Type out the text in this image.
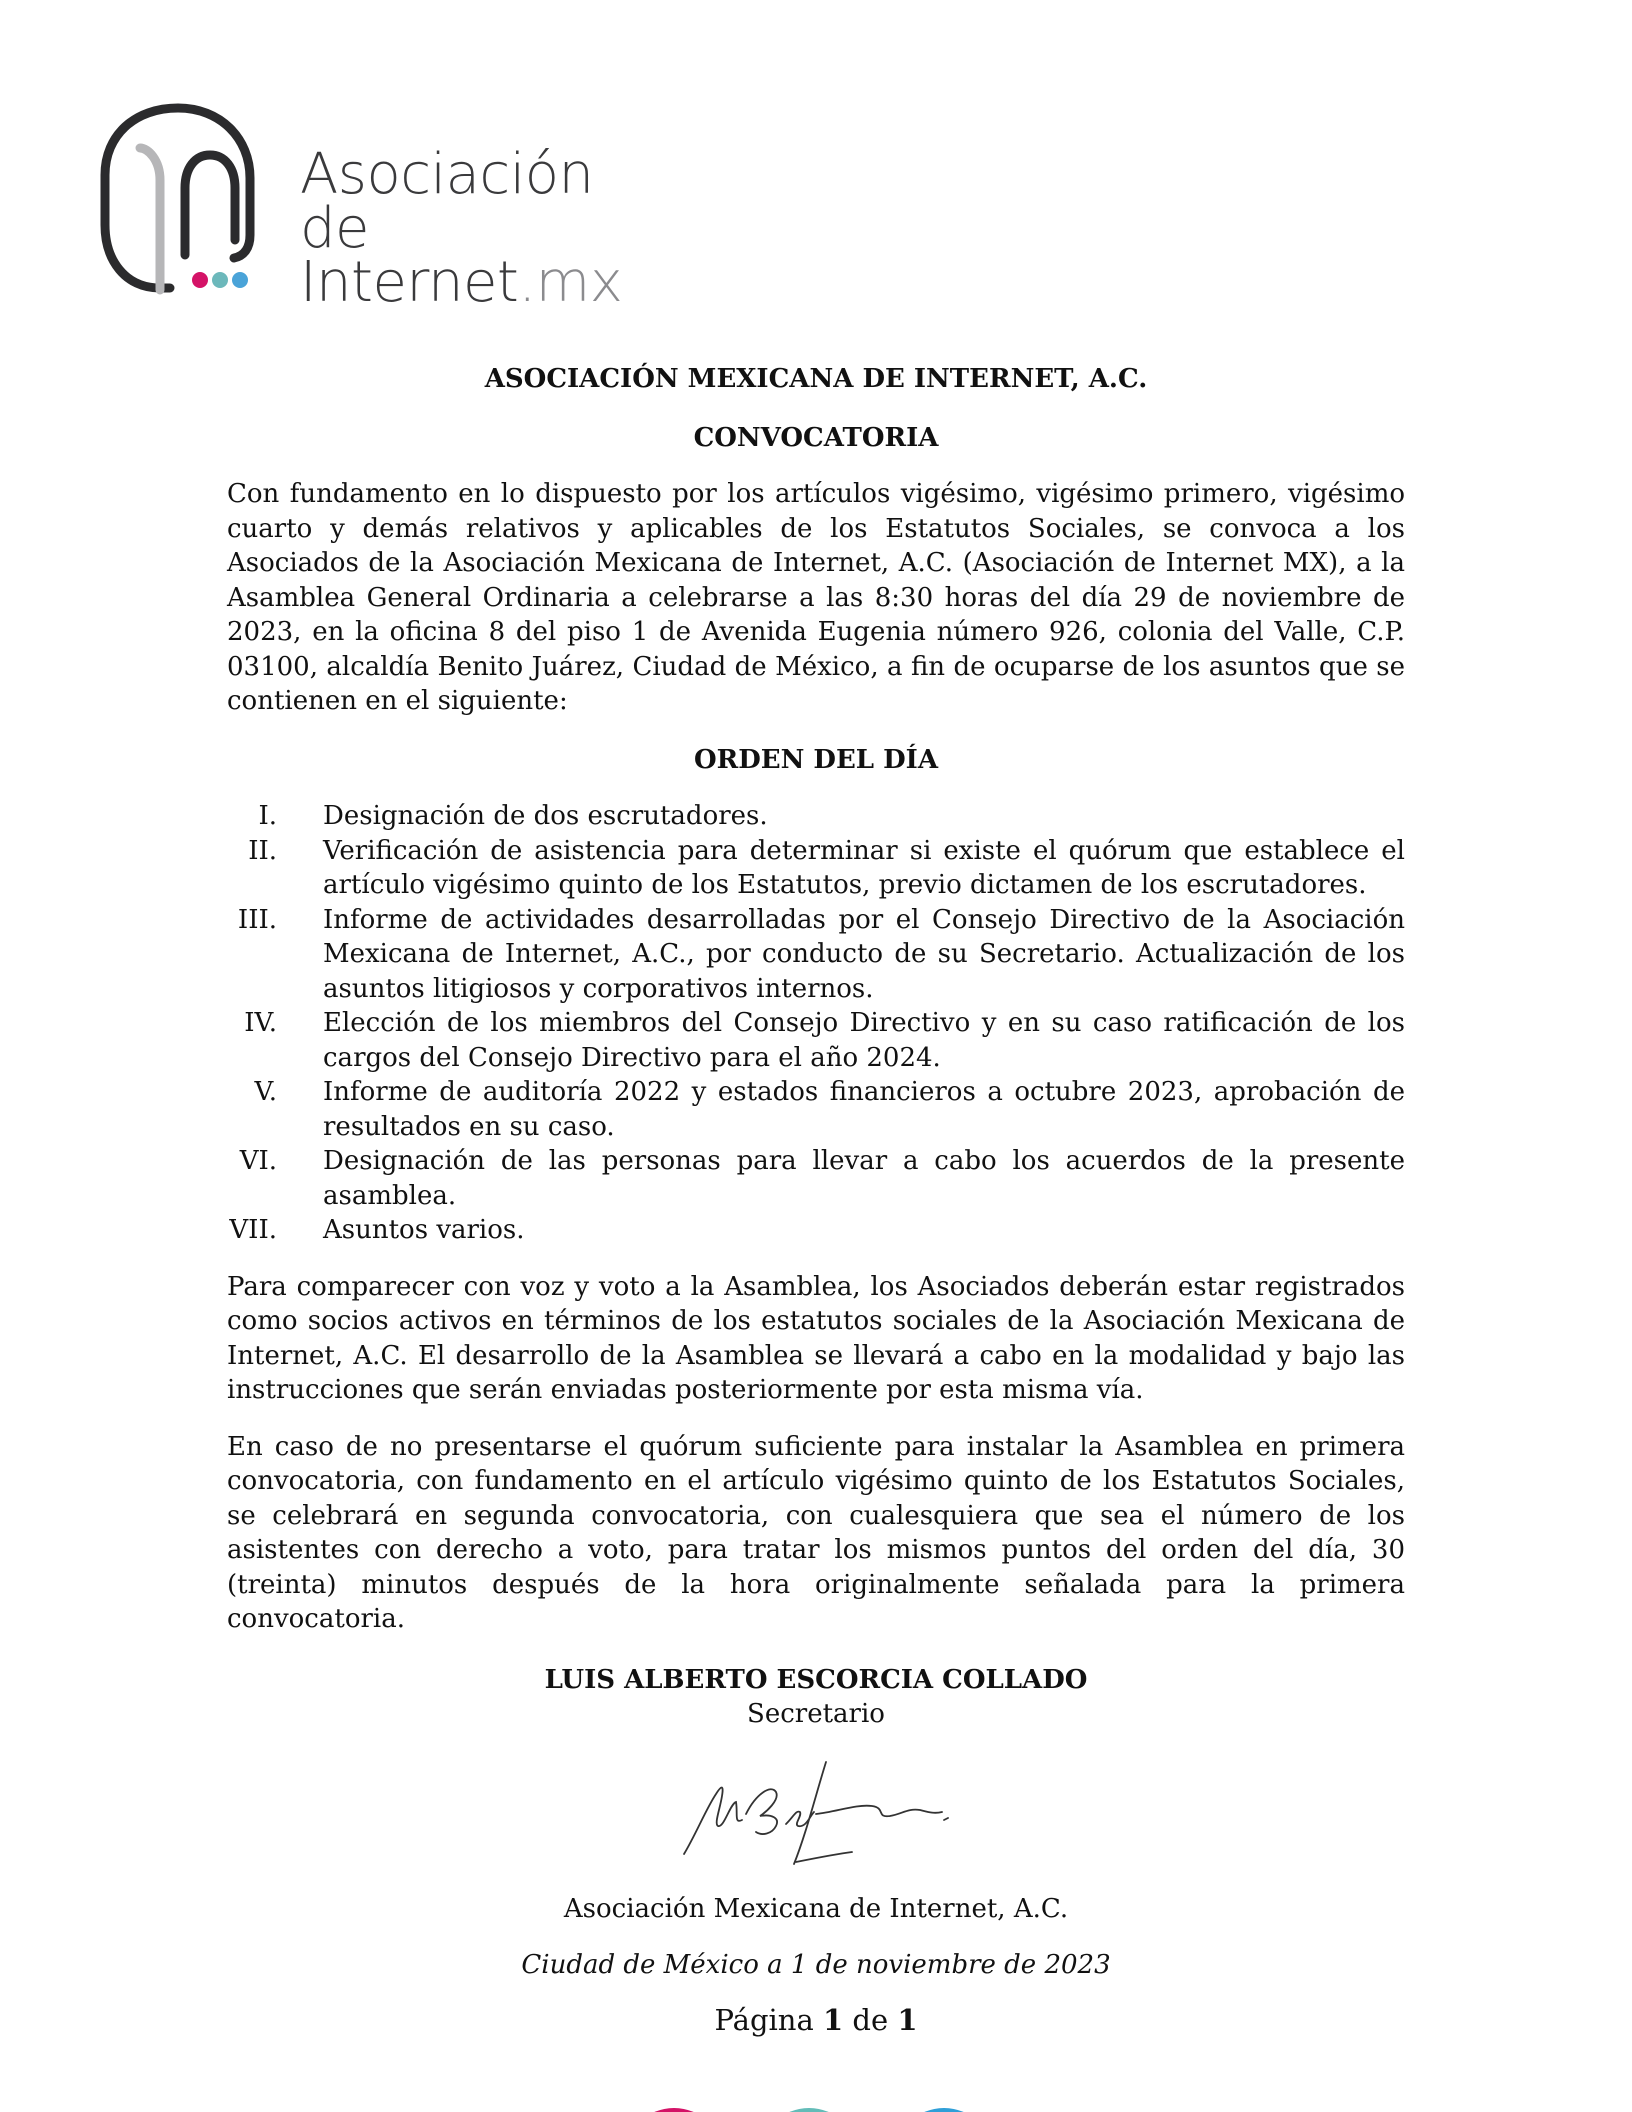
Asociación de
Internet.mx

ASOCIACIÓN MEXICANA DE INTERNET, A.C.

CONVOCATORIA

Con fundamento en lo dispuesto por los artículos vigésimo, vigésimo primero, vigésimo cuarto y demás relativos y aplicables de los Estatutos Sociales, se convoca a los Asociados de la Asociación Mexicana de Internet, A.C. (Asociación de Internet MX), a la Asamblea General Ordinaria a celebrarse a las 8:30 horas del día 29 de noviembre de 2023, en la oficina 8 del piso 1 de Avenida Eugenia número 926, colonia del Valle, C.P. 03100, alcaldía Benito Juárez, Ciudad de México, a fin de ocuparse de los asuntos que se contienen en el siguiente:

ORDEN DEL DÍA

I. Designación de dos escrutadores.
II. Verificación de asistencia para determinar si existe el quórum que establece el artículo vigésimo quinto de los Estatutos, previo dictamen de los escrutadores.
III. Informe de actividades desarrolladas por el Consejo Directivo de la Asociación Mexicana de Internet, A.C., por conducto de su Secretario. Actualización de los asuntos litigiosos y corporativos internos.
IV. Elección de los miembros del Consejo Directivo y en su caso ratificación de los cargos del Consejo Directivo para el año 2024.
V. Informe de auditoría 2022 y estados financieros a octubre 2023, aprobación de resultados en su caso.
VI. Designación de las personas para llevar a cabo los acuerdos de la presente asamblea.
VII. Asuntos varios.

Para comparecer con voz y voto a la Asamblea, los Asociados deberán estar registrados como socios activos en términos de los estatutos sociales de la Asociación Mexicana de Internet, A.C. El desarrollo de la Asamblea se llevará a cabo en la modalidad y bajo las instrucciones que serán enviadas posteriormente por esta misma vía.

En caso de no presentarse el quórum suficiente para instalar la Asamblea en primera convocatoria, con fundamento en el artículo vigésimo quinto de los Estatutos Sociales, se celebrará en segunda convocatoria, con cualesquiera que sea el número de los asistentes con derecho a voto, para tratar los mismos puntos del orden del día, 30 (treinta) minutos después de la hora originalmente señalada para la primera convocatoria.

LUIS ALBERTO ESCORCIA COLLADO

Secretario

Asociación Mexicana de Internet, A.C.

Ciudad de México a 1 de noviembre de 2023

Página 1 de 1
